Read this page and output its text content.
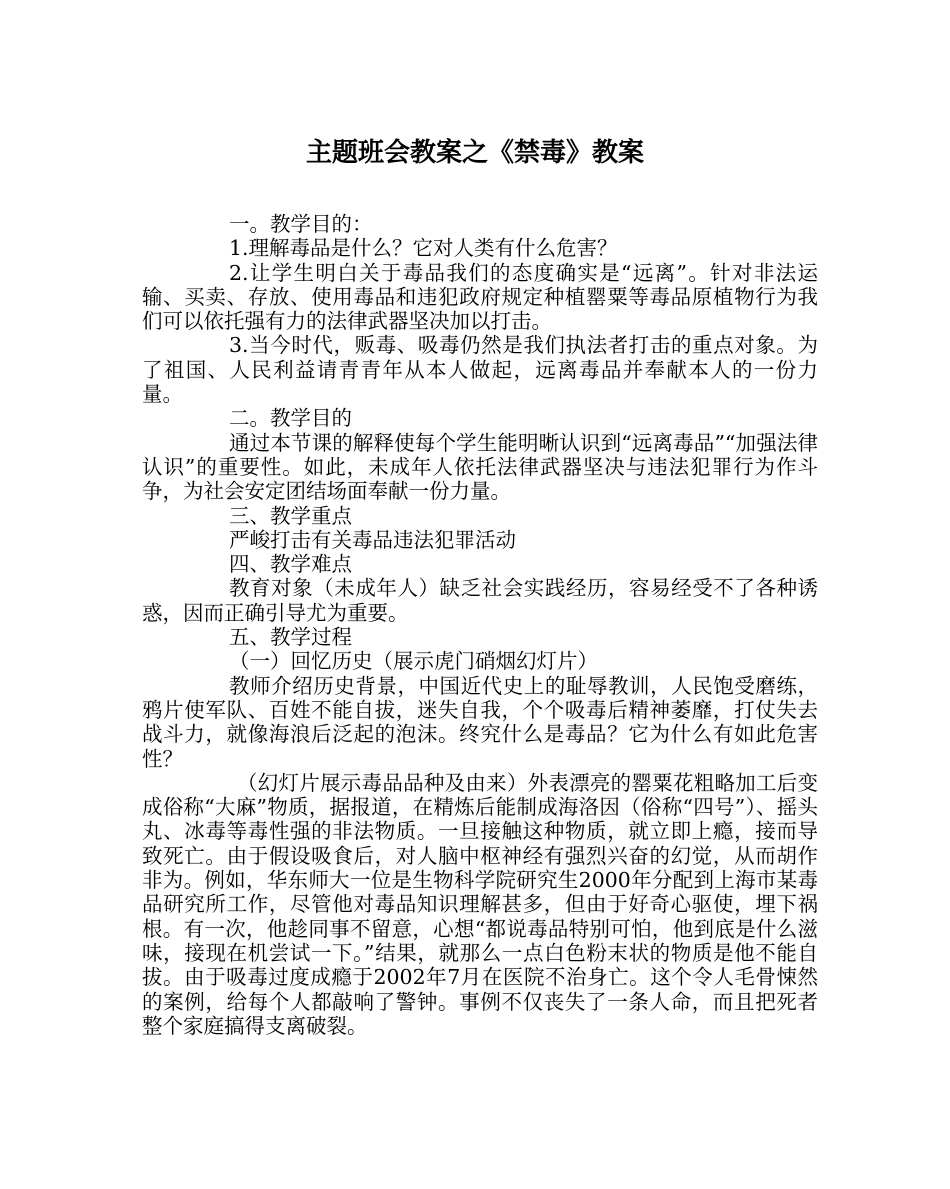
主题班会教案之《禁毒》教案

一。教学目的：

1.理解毒品是什么？它对人类有什么危害？

2.让学生明白关于毒品我们的态度确实是“远离”。针对非法运输、买卖、存放、使用毒品和违犯政府规定种植罂粟等毒品原植物行为我们可以依托强有力的法律武器坚决加以打击。

3.当今时代，贩毒、吸毒仍然是我们执法者打击的重点对象。为了祖国、人民利益请青青年从本人做起，远离毒品并奉献本人的一份力量。

二。教学目的

通过本节课的解释使每个学生能明晰认识到“远离毒品”“加强法律认识”的重要性。如此，未成年人依托法律武器坚决与违法犯罪行为作斗争，为社会安定团结场面奉献一份力量。

三、教学重点

严峻打击有关毒品违法犯罪活动

四、教学难点

教育对象（未成年人）缺乏社会实践经历，容易经受不了各种诱惑，因而正确引导尤为重要。

五、教学过程

（一）回忆历史（展示虎门硝烟幻灯片）

教师介绍历史背景，中国近代史上的耻辱教训，人民饱受磨练，鸦片使军队、百姓不能自拔，迷失自我，个个吸毒后精神萎靡，打仗失去战斗力，就像海浪后泛起的泡沫。终究什么是毒品？它为什么有如此危害性？

（幻灯片展示毒品品种及由来）外表漂亮的罂粟花粗略加工后变成俗称“大麻”物质，据报道，在精炼后能制成海洛因（俗称“四号”）、摇头丸、冰毒等毒性强的非法物质。一旦接触这种物质，就立即上瘾，接而导致死亡。由于假设吸食后，对人脑中枢神经有强烈兴奋的幻觉，从而胡作非为。例如，华东师大一位是生物科学院研究生2000年分配到上海市某毒品研究所工作，尽管他对毒品知识理解甚多，但由于好奇心驱使，埋下祸根。有一次，他趁同事不留意，心想“都说毒品特别可怕，他到底是什么滋味，接现在机尝试一下。”结果，就那么一点白色粉末状的物质是他不能自拔。由于吸毒过度成瘾于2002年7月在医院不治身亡。这个令人毛骨悚然的案例，给每个人都敲响了警钟。事例不仅丧失了一条人命，而且把死者整个家庭搞得支离破裂。
